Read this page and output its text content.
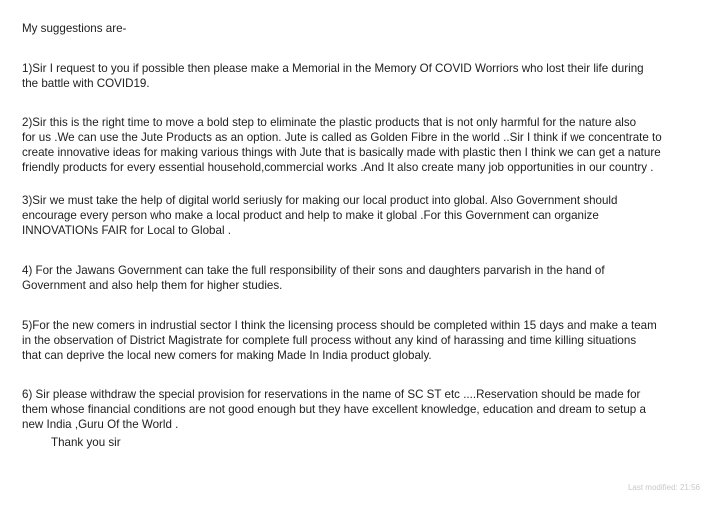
My suggestions are-
1)Sir I request to you if possible then please make a Memorial in the Memory Of COVID Worriors who lost their life during
the battle with COVID19.
2)Sir this is the right time to move a bold step to eliminate the plastic products that is not only harmful for the nature also
for us .We can use the Jute Products as an option. Jute is called as Golden Fibre in the world ..Sir I think if we concentrate to
create innovative ideas for making various things with Jute that is basically made with plastic then I think we can get a nature
friendly products for every essential household,commercial works .And It also create many job opportunities in our country .
3)Sir we must take the help of digital world seriusly for making our local product into global. Also Government should
encourage every person who make a local product and help to make it global .For this Government can organize
INNOVATIONs FAIR for Local to Global .
4) For the Jawans Government can take the full responsibility of their sons and daughters parvarish in the hand of
Government and also help them for higher studies.
5)For the new comers in indrustial sector I think the licensing process should be completed within 15 days and make a team
in the observation of District Magistrate for complete full process without any kind of harassing and time killing situations
that can deprive the local new comers for making Made In India product globaly.
6) Sir please withdraw the special provision for reservations in the name of SC ST etc ....Reservation should be made for
them whose financial conditions are not good enough but they have excellent knowledge, education and dream to setup a
new India ,Guru Of the World .
Thank you sir
Last modified: 21:56
